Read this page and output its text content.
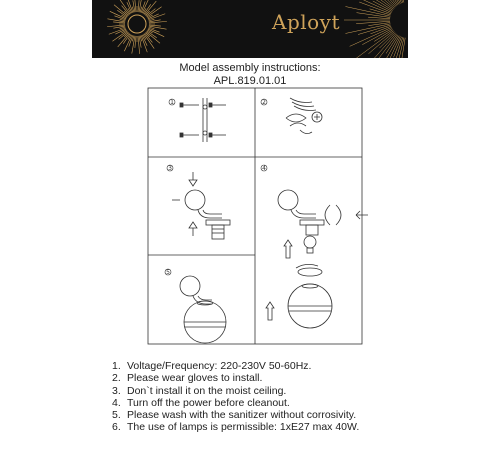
Aployt
Model assembly instructions:
APL.819.01.01
1	2
3	4
5
1. Voltage/Frequency: 220-230V 50-60Hz.
2. Please wear gloves to install.
3. Don`t install it on the moist ceiling.
4. Turn off the power before cleanout.
5. Please wash with the sanitizer without corrosivity.
6. The use of lamps is permissible: 1xE27 max 40W.
